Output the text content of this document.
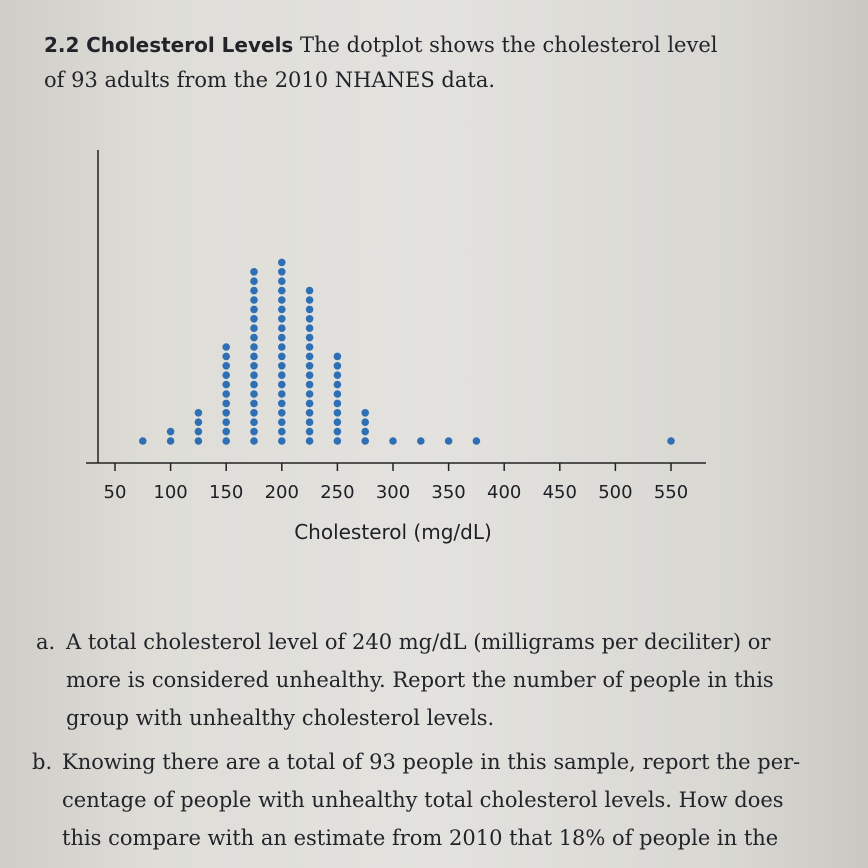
2.2 Cholesterol Levels The dotplot shows the cholesterol level
of 93 adults from the 2010 NHANES data.
50 100 150 200 250 300 350 400 450 500 550
Cholesterol (mg/dL)
a. A total cholesterol level of 240 mg/dL (milligrams per deciliter) or
more is considered unhealthy. Report the number of people in this
group with unhealthy cholesterol levels.
b. Knowing there are a total of 93 people in this sample, report the per-
centage of people with unhealthy total cholesterol levels. How does
this compare with an estimate from 2010 that 18% of people in the
